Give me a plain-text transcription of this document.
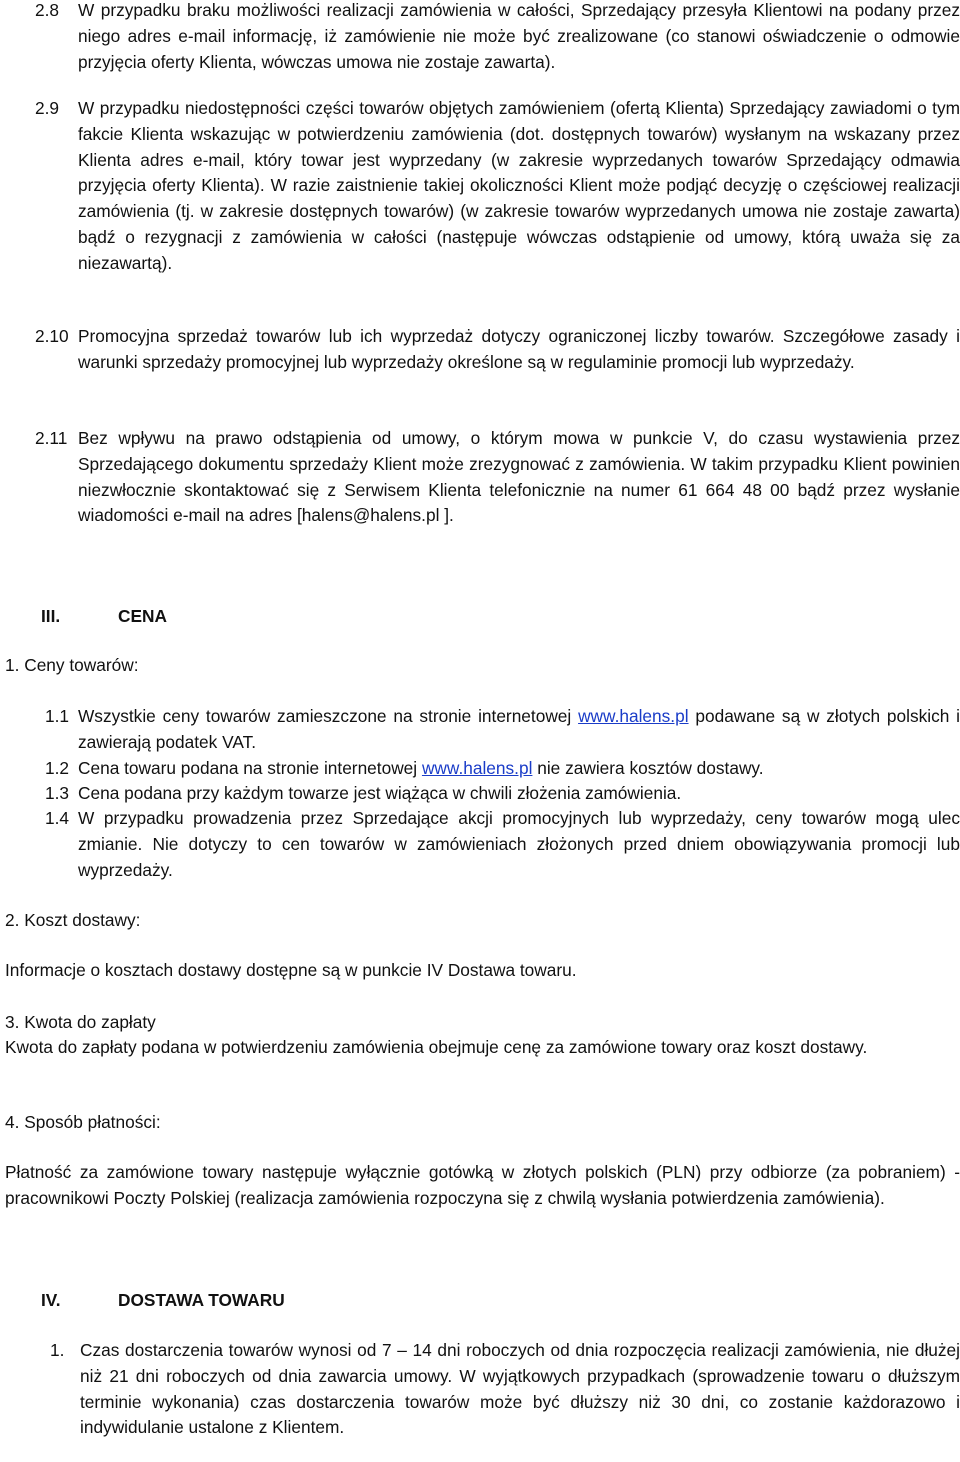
2.8 W przypadku braku możliwości realizacji zamówienia w całości, Sprzedający przesyła Klientowi na podany przez niego adres e-mail informację, iż zamówienie nie może być zrealizowane (co stanowi oświadczenie o odmowie przyjęcia oferty Klienta, wówczas umowa nie zostaje zawarta).

2.9 W przypadku niedostępności części towarów objętych zamówieniem (ofertą Klienta) Sprzedający zawiadomi o tym fakcie Klienta wskazując w potwierdzeniu zamówienia (dot. dostępnych towarów) wysłanym na wskazany przez Klienta adres e-mail, który towar jest wyprzedany (w zakresie wyprzedanych towarów Sprzedający odmawia przyjęcia oferty Klienta). W razie zaistnienie takiej okoliczności Klient może podjąć decyzję o częściowej realizacji zamówienia (tj. w zakresie dostępnych towarów) (w zakresie towarów wyprzedanych umowa nie zostaje zawarta) bądź o rezygnacji z zamówienia w całości (następuje wówczas odstąpienie od umowy, którą uważa się za niezawartą).

2.10 Promocyjna sprzedaż towarów lub ich wyprzedaż dotyczy ograniczonej liczby towarów. Szczegółowe zasady i warunki sprzedaży promocyjnej lub wyprzedaży określone są w regulaminie promocji lub wyprzedaży.

2.11 Bez wpływu na prawo odstąpienia od umowy, o którym mowa w punkcie V, do czasu wystawienia przez Sprzedającego dokumentu sprzedaży Klient może zrezygnować z zamówienia. W takim przypadku Klient powinien niezwłocznie skontaktować się z Serwisem Klienta telefonicznie na numer 61 664 48 00 bądź przez wysłanie wiadomości e-mail na adres [halens@halens.pl ].

III.	CENA
1. Ceny towarów:
1.1 Wszystkie ceny towarów zamieszczone na stronie internetowej www.halens.pl podawane są w złotych polskich i zawierają podatek VAT.

1.2 Cena towaru podana na stronie internetowej www.halens.pl nie zawiera kosztów dostawy.

1.3 Cena podana przy każdym towarze jest wiążąca w chwili złożenia zamówienia.

1.4 W przypadku prowadzenia przez Sprzedające akcji promocyjnych lub wyprzedaży, ceny towarów mogą ulec zmianie. Nie dotyczy to cen towarów w zamówieniach złożonych przed dniem obowiązywania promocji lub wyprzedaży.

2. Koszt dostawy:
Informacje o kosztach dostawy dostępne są w punkcie IV Dostawa towaru.
3. Kwota do zapłaty
Kwota do zapłaty podana w potwierdzeniu zamówienia obejmuje cenę za zamówione towary oraz koszt dostawy.
4. Sposób płatności:
Płatność za zamówione towary następuje wyłącznie gotówką w złotych polskich (PLN) przy odbiorze (za pobraniem) - pracownikowi Poczty Polskiej (realizacja zamówienia rozpoczyna się z chwilą wysłania potwierdzenia zamówienia).
IV.	DOSTAWA TOWARU
1. Czas dostarczenia towarów wynosi od 7 – 14 dni roboczych od dnia rozpoczęcia realizacji zamówienia, nie dłużej niż 21 dni roboczych od dnia zawarcia umowy. W wyjątkowych przypadkach (sprowadzenie towaru o dłuższym terminie wykonania) czas dostarczenia towarów może być dłuższy niż 30 dni, co zostanie każdorazowo i indywidulanie ustalone z Klientem.
